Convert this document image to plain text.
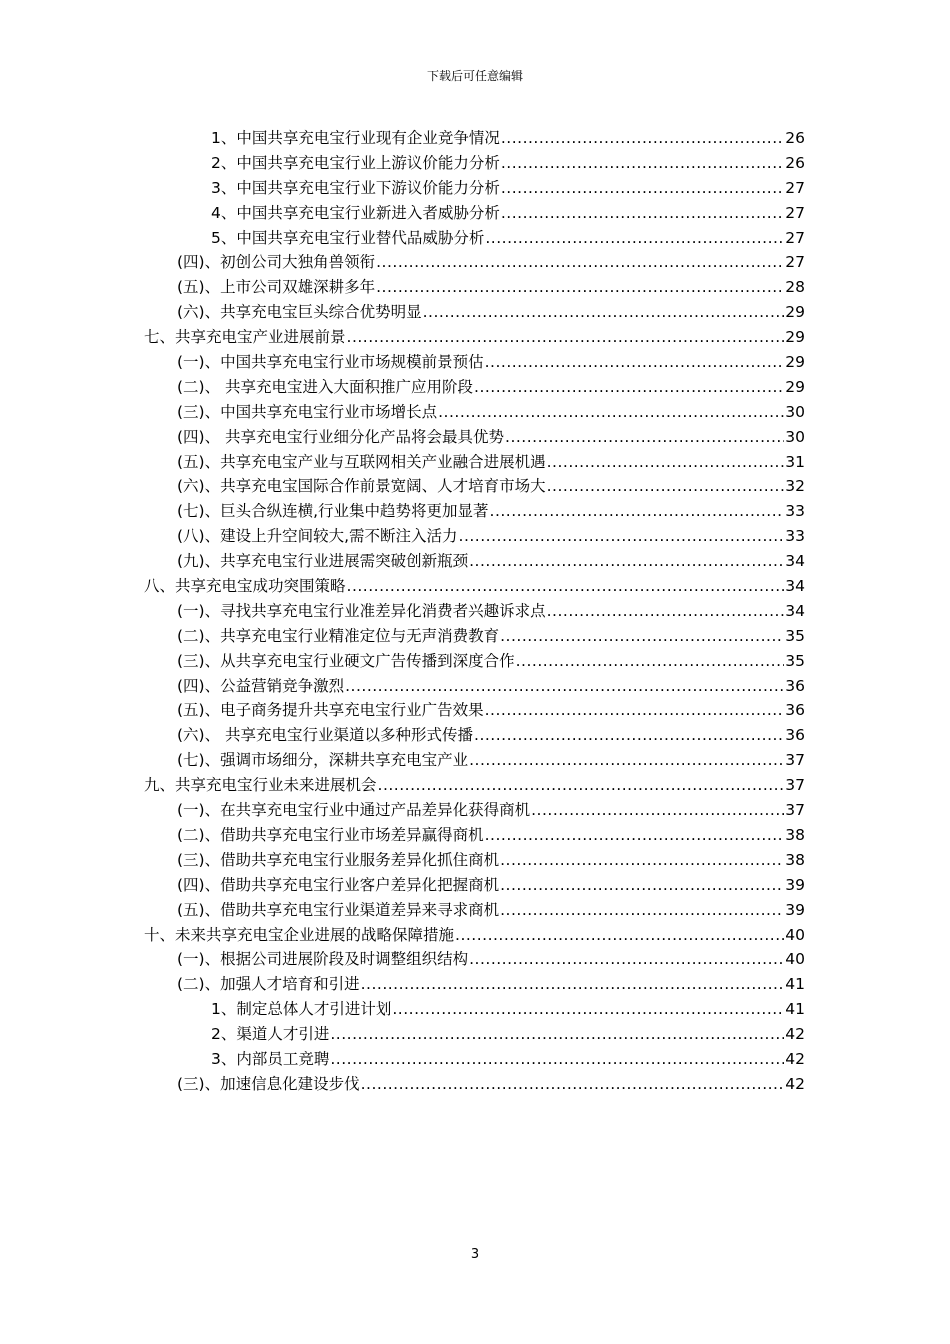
下载后可任意编辑
1、中国共享充电宝行业现有企业竞争情况 .....	26
2、中国共享充电宝行业上游议价能力分析 .....	26
3、中国共享充电宝行业下游议价能力分析 .....	27
4、中国共享充电宝行业新进入者威胁分析 .....	27
5、中国共享充电宝行业替代品威胁分析 .....	27
(四)、初创公司大独角兽领衔 .....	27
(五)、上市公司双雄深耕多年 .....	28
(六)、共享充电宝巨头综合优势明显 .....	29
七、共享充电宝产业进展前景 .....	29
(一)、中国共享充电宝行业市场规模前景预估 .....	29
(二)、 共享充电宝进入大面积推广应用阶段 .....	29
(三)、中国共享充电宝行业市场增长点 .....	30
(四)、 共享充电宝行业细分化产品将会最具优势 .....	30
(五)、共享充电宝产业与互联网相关产业融合进展机遇 .....	31
(六)、共享充电宝国际合作前景宽阔、人才培育市场大 .....	32
(七)、巨头合纵连横,行业集中趋势将更加显著 .....	33
(八)、建设上升空间较大,需不断注入活力 .....	33
(九)、共享充电宝行业进展需突破创新瓶颈 .....	34
八、共享充电宝成功突围策略 .....	34
(一)、寻找共享充电宝行业准差异化消费者兴趣诉求点 .....	34
(二)、共享充电宝行业精准定位与无声消费教育 .....	35
(三)、从共享充电宝行业硬文广告传播到深度合作 .....	35
(四)、公益营销竞争激烈 .....	36
(五)、电子商务提升共享充电宝行业广告效果 .....	36
(六)、 共享充电宝行业渠道以多种形式传播 .....	36
(七)、强调市场细分，深耕共享充电宝产业 .....	37
九、共享充电宝行业未来进展机会 .....	37
(一)、在共享充电宝行业中通过产品差异化获得商机 .....	37
(二)、借助共享充电宝行业市场差异赢得商机 .....	38
(三)、借助共享充电宝行业服务差异化抓住商机 .....	38
(四)、借助共享充电宝行业客户差异化把握商机 .....	39
(五)、借助共享充电宝行业渠道差异来寻求商机 .....	39
十、未来共享充电宝企业进展的战略保障措施 .....	40
(一)、根据公司进展阶段及时调整组织结构 .....	40
(二)、加强人才培育和引进 .....	41
1、制定总体人才引进计划 .....	41
2、渠道人才引进 .....	42
3、内部员工竞聘 .....	42
(三)、加速信息化建设步伐 .....	42
3
